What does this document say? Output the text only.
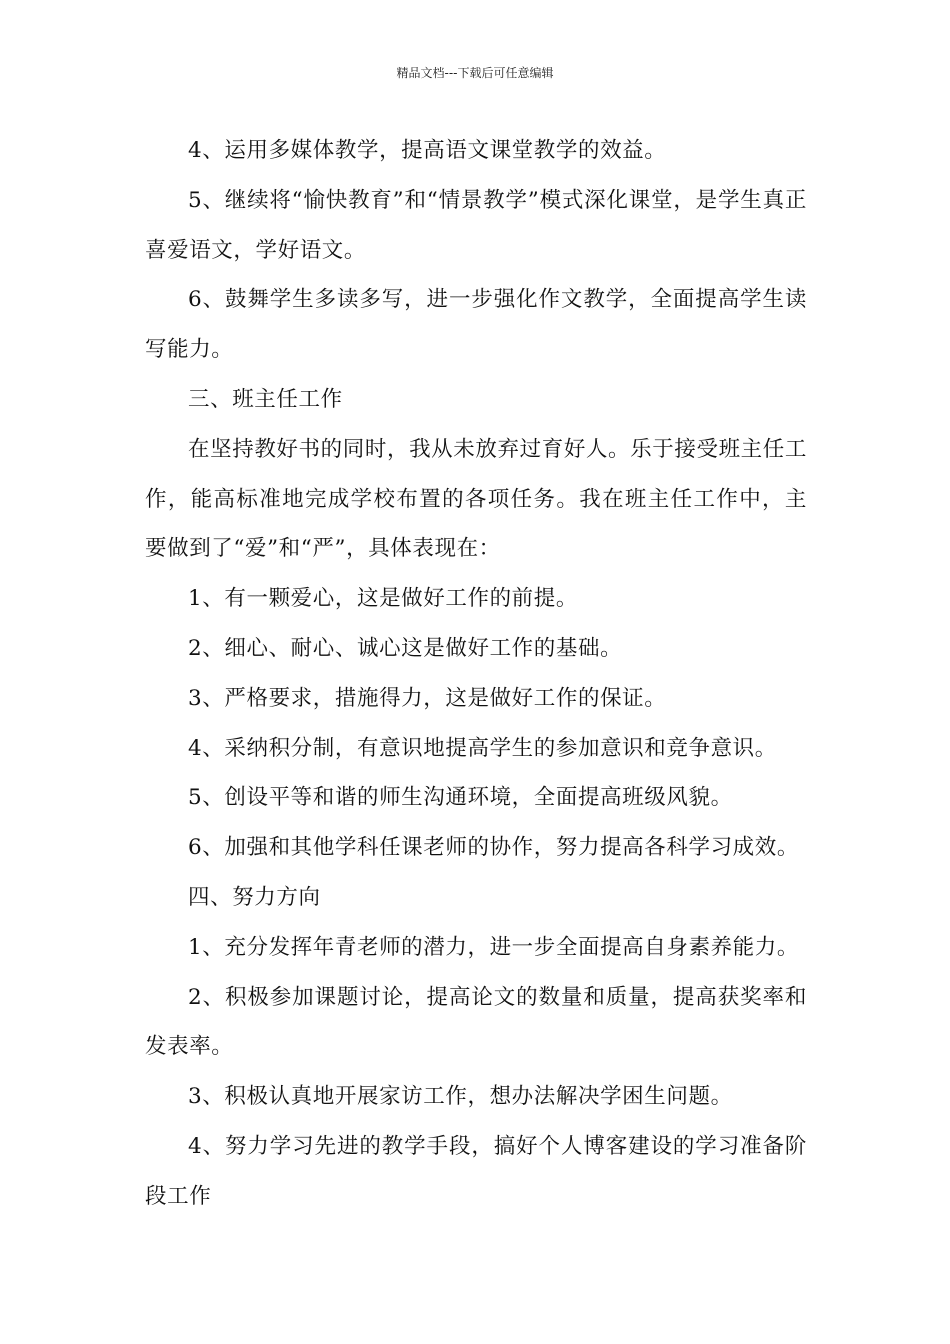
精品文档---下载后可任意编辑

4、运用多媒体教学，提高语文课堂教学的效益。

5、继续将“愉快教育”和“情景教学”模式深化课堂，是学生真正喜爱语文，学好语文。

6、鼓舞学生多读多写，进一步强化作文教学，全面提高学生读写能力。

三、班主任工作

在坚持教好书的同时，我从未放弃过育好人。乐于接受班主任工作，能高标准地完成学校布置的各项任务。我在班主任工作中，主要做到了“爱”和“严”，具体表现在：

1、有一颗爱心，这是做好工作的前提。

2、细心、耐心、诚心这是做好工作的基础。

3、严格要求，措施得力，这是做好工作的保证。

4、采纳积分制，有意识地提高学生的参加意识和竞争意识。

5、创设平等和谐的师生沟通环境，全面提高班级风貌。

6、加强和其他学科任课老师的协作，努力提高各科学习成效。

四、努力方向

1、充分发挥年青老师的潜力，进一步全面提高自身素养能力。

2、积极参加课题讨论，提高论文的数量和质量，提高获奖率和发表率。

3、积极认真地开展家访工作，想办法解决学困生问题。

4、努力学习先进的教学手段，搞好个人博客建设的学习准备阶段工作
